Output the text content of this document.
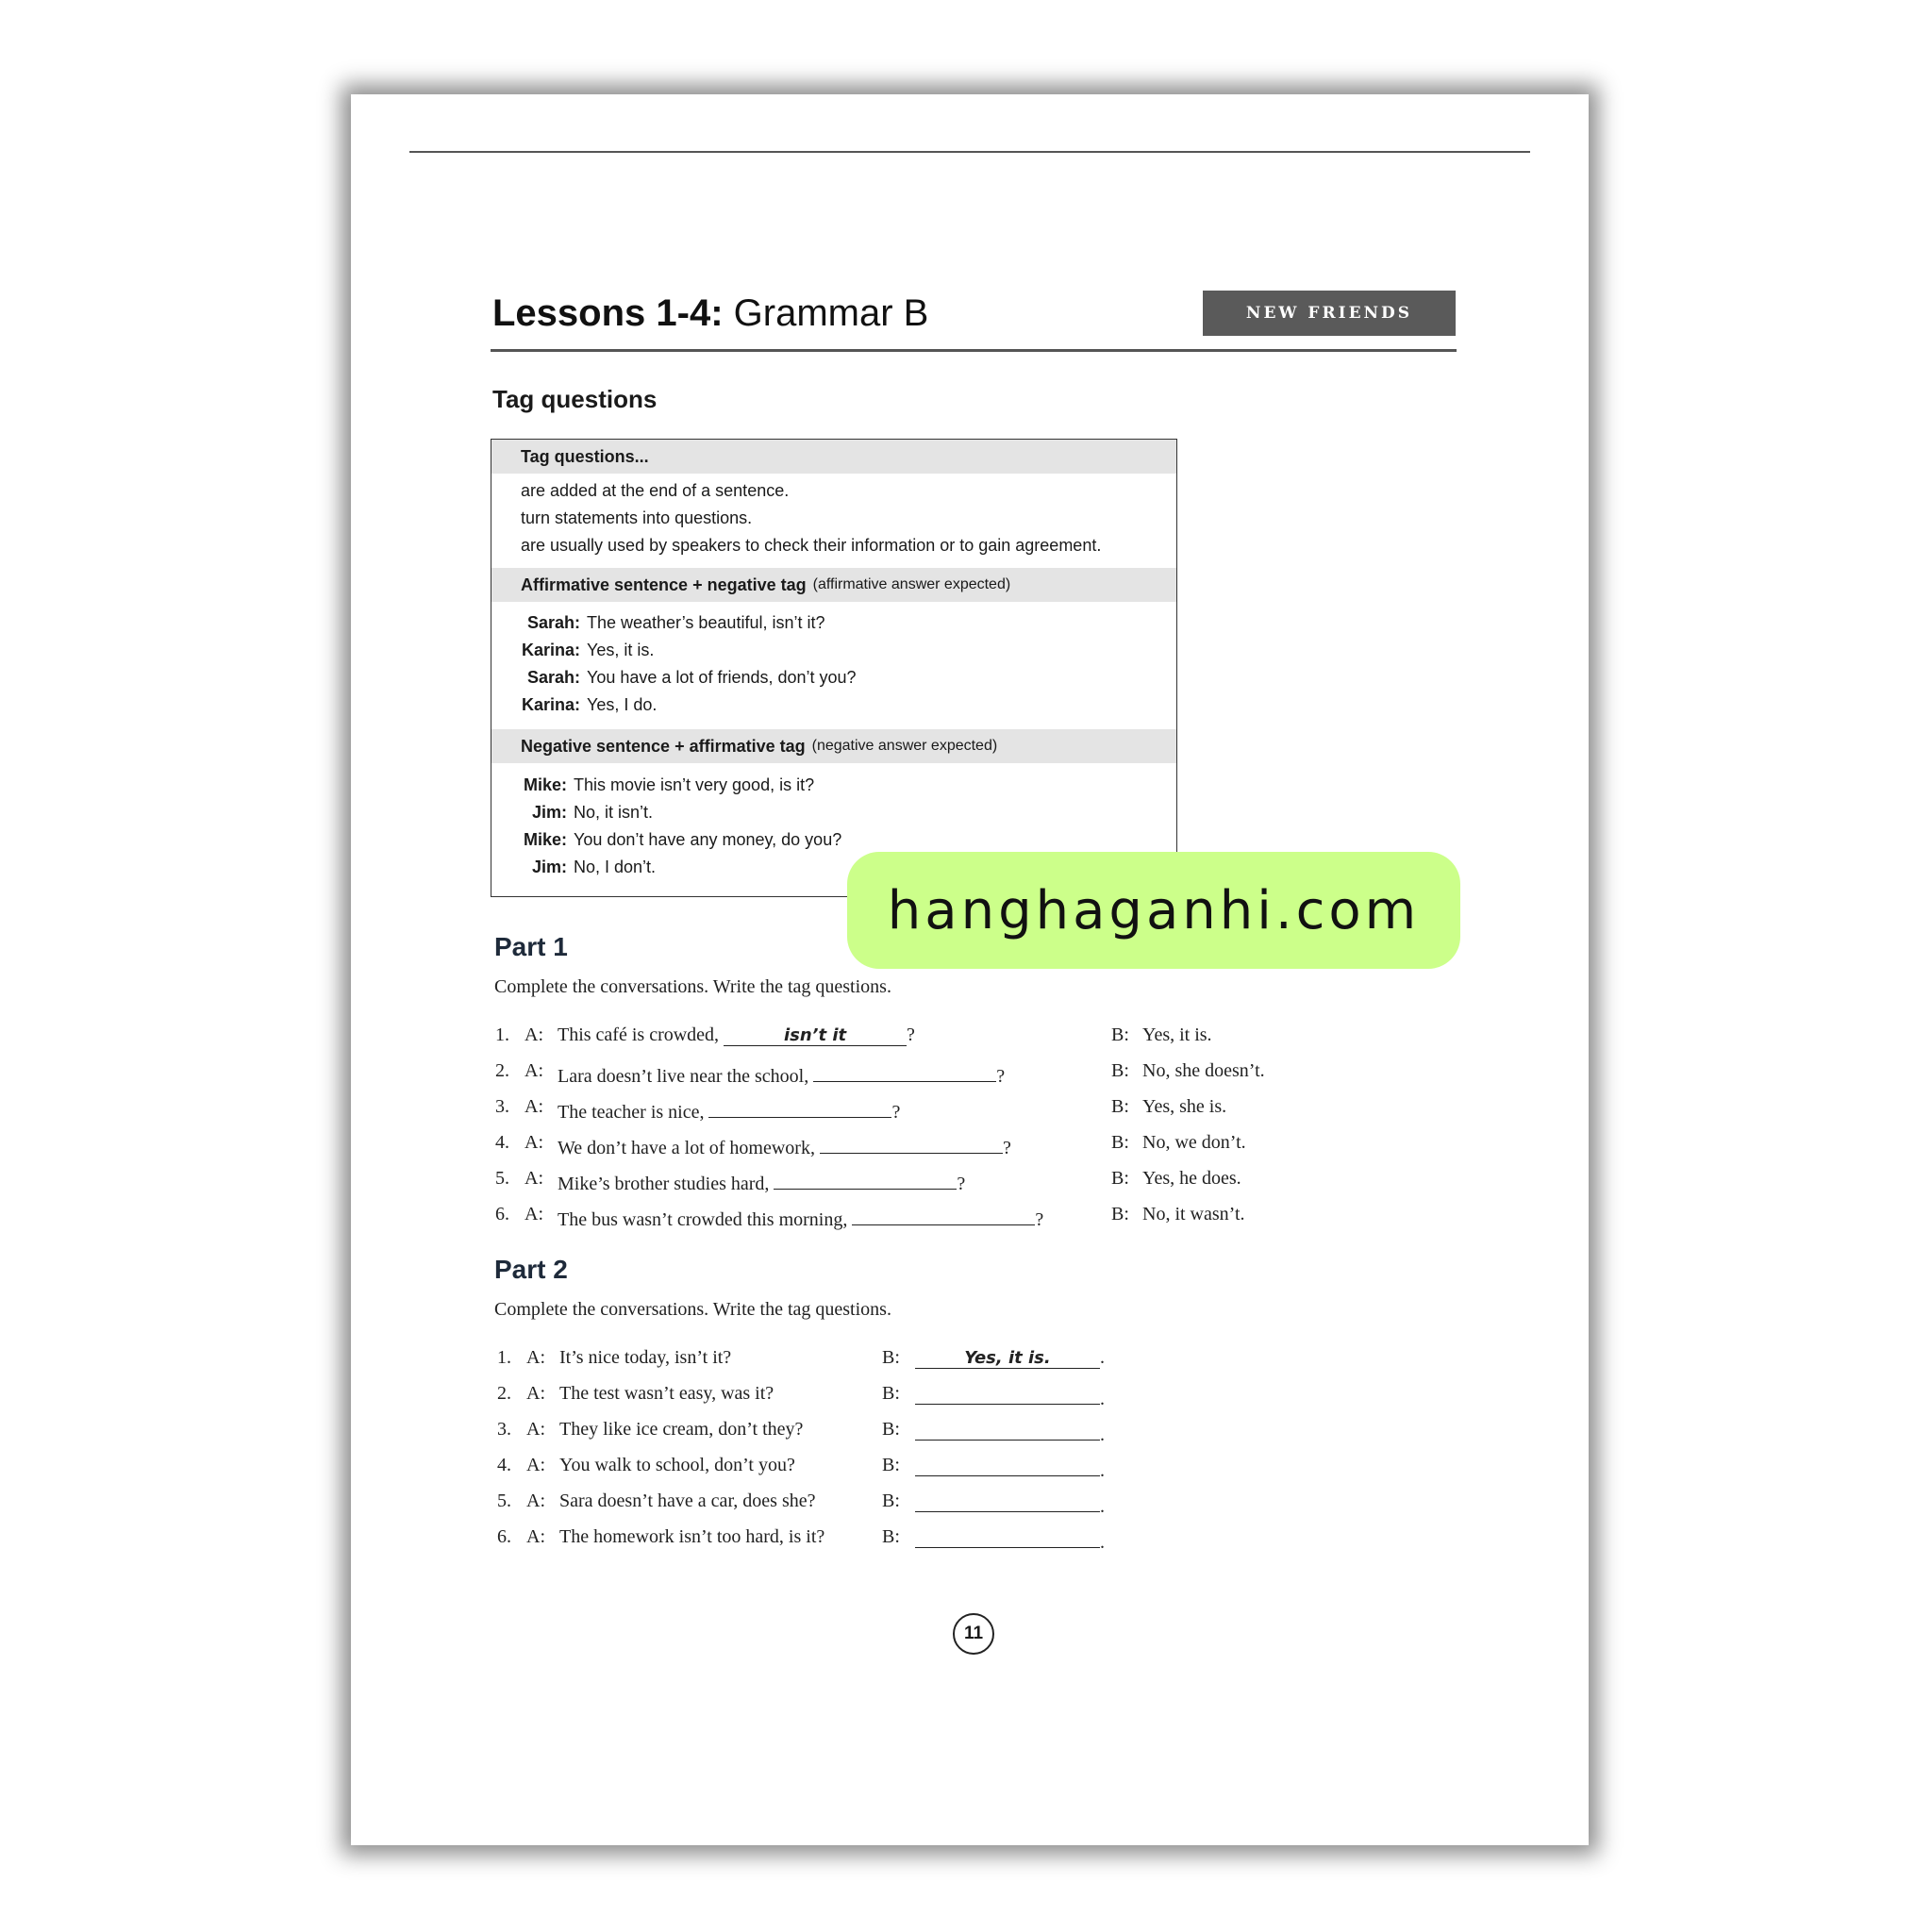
Lessons 1-4: Grammar B	NEW FRIENDS
Tag questions
Tag questions...
are added at the end of a sentence.
turn statements into questions.
are usually used by speakers to check their information or to gain agreement.
Affirmative sentence + negative tag (affirmative answer expected)
Sarah: The weather’s beautiful, isn’t it?
Karina: Yes, it is.
Sarah: You have a lot of friends, don’t you?
Karina: Yes, I do.
Negative sentence + affirmative tag (negative answer expected)
Mike: This movie isn’t very good, is it?
Jim: No, it isn’t.
Mike: You don’t have any money, do you?
Jim: No, I don’t.
Part 1
Complete the conversations. Write the tag questions.
1. A: This café is crowded,	isn’t it	?	B: Yes, it is.
2. A: Lara doesn’t live near the school,	?	B: No, she doesn’t.
3. A: The teacher is nice,	?	B: Yes, she is.
4. A: We don’t have a lot of homework,	?	B: No, we don’t.
5. A: Mike’s brother studies hard,	?	B: Yes, he does.
6. A: The bus wasn’t crowded this morning,	?	B: No, it wasn’t.
Part 2
Complete the conversations. Write the tag questions.
1. A: It’s nice today, isn’t it?	B:	Yes, it is.	.
2. A: The test wasn’t easy, was it?	B:	.
3. A: They like ice cream, don’t they?	B:	.
4. A: You walk to school, don’t you?	B:	.
5. A: Sara doesn’t have a car, does she?	B:	.
6. A: The homework isn’t too hard, is it?	B:	.
11
hanghaganhi.com
